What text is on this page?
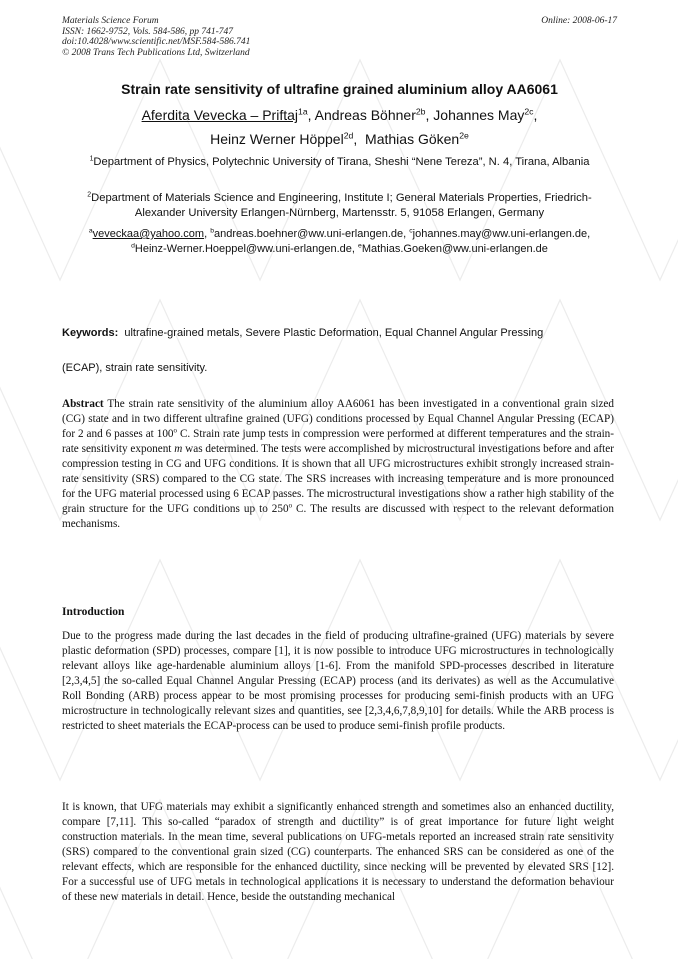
Materials Science Forum
ISSN: 1662-9752, Vols. 584-586, pp 741-747
doi:10.4028/www.scientific.net/MSF.584-586.741
© 2008 Trans Tech Publications Ltd, Switzerland
Online: 2008-06-17
Strain rate sensitivity of ultrafine grained aluminium alloy AA6061
Aferdita Vevecka – Priftaj$^{1a}$, Andreas Böhner$^{2b}$, Johannes May$^{2c}$,
Heinz Werner Höppel$^{2d}$,  Mathias Göken$^{2e}$
$^1$Department of Physics, Polytechnic University of Tirana, Sheshi “Nene Tereza”, N. 4, Tirana, Albania
$^2$Department of Materials Science and Engineering, Institute I; General Materials Properties, Friedrich-Alexander University Erlangen-Nürnberg, Martensstr. 5, 91058 Erlangen, Germany
$^a$veveckaa@yahoo.com, $^b$andreas.boehner@ww.uni-erlangen.de, $^c$johannes.may@ww.uni-erlangen.de, $^d$Heinz-Werner.Hoeppel@ww.uni-erlangen.de, $^e$Mathias.Goeken@ww.uni-erlangen.de
Keywords: ultrafine-grained metals, Severe Plastic Deformation, Equal Channel Angular Pressing
(ECAP), strain rate sensitivity.
Abstract The strain rate sensitivity of the aluminium alloy AA6061 has been investigated in a conventional grain sized (CG) state and in two different ultrafine grained (UFG) conditions processed by Equal Channel Angular Pressing (ECAP) for 2 and 6 passes at 100$^o$ C. Strain rate jump tests in compression were performed at different temperatures and the strain-rate sensitivity exponent m was determined. The tests were accomplished by microstructural investigations before and after compression testing in CG and UFG conditions. It is shown that all UFG microstructures exhibit strongly increased strain-rate sensitivity (SRS) compared to the CG state. The SRS increases with increasing temperature and is more pronounced for the UFG material processed using 6 ECAP passes. The microstructural investigations show a rather high stability of the grain structure for the UFG conditions up to 250$^o$ C. The results are discussed with respect to the relevant deformation mechanisms.
Introduction
Due to the progress made during the last decades in the field of producing ultrafine-grained (UFG) materials by severe plastic deformation (SPD) processes, compare [1], it is now possible to introduce UFG microstructures in technologically relevant alloys like age-hardenable aluminium alloys [1-6]. From the manifold SPD-processes described in literature [2,3,4,5] the so-called Equal Channel Angular Pressing (ECAP) process (and its derivates) as well as the Accumulative Roll Bonding (ARB) process appear to be most promising processes for producing semi-finish products with an UFG microstructure in technologically relevant sizes and quantities, see [2,3,4,6,7,8,9,10] for details. While the ARB process is restricted to sheet materials the ECAP-process can be used to produce semi-finish profile products.
It is known, that UFG materials may exhibit a significantly enhanced strength and sometimes also an enhanced ductility, compare [7,11]. This so-called “paradox of strength and ductility” is of great importance for future light weight construction materials. In the mean time, several publications on UFG-metals reported an increased strain rate sensitivity (SRS) compared to the conventional grain sized (CG) counterparts. The enhanced SRS can be considered as one of the relevant effects, which are responsible for the enhanced ductility, since necking will be prevented by elevated SRS [12]. For a successful use of UFG metals in technological applications it is necessary to understand the deformation behaviour of these new materials in detail. Hence, beside the outstanding mechanical
